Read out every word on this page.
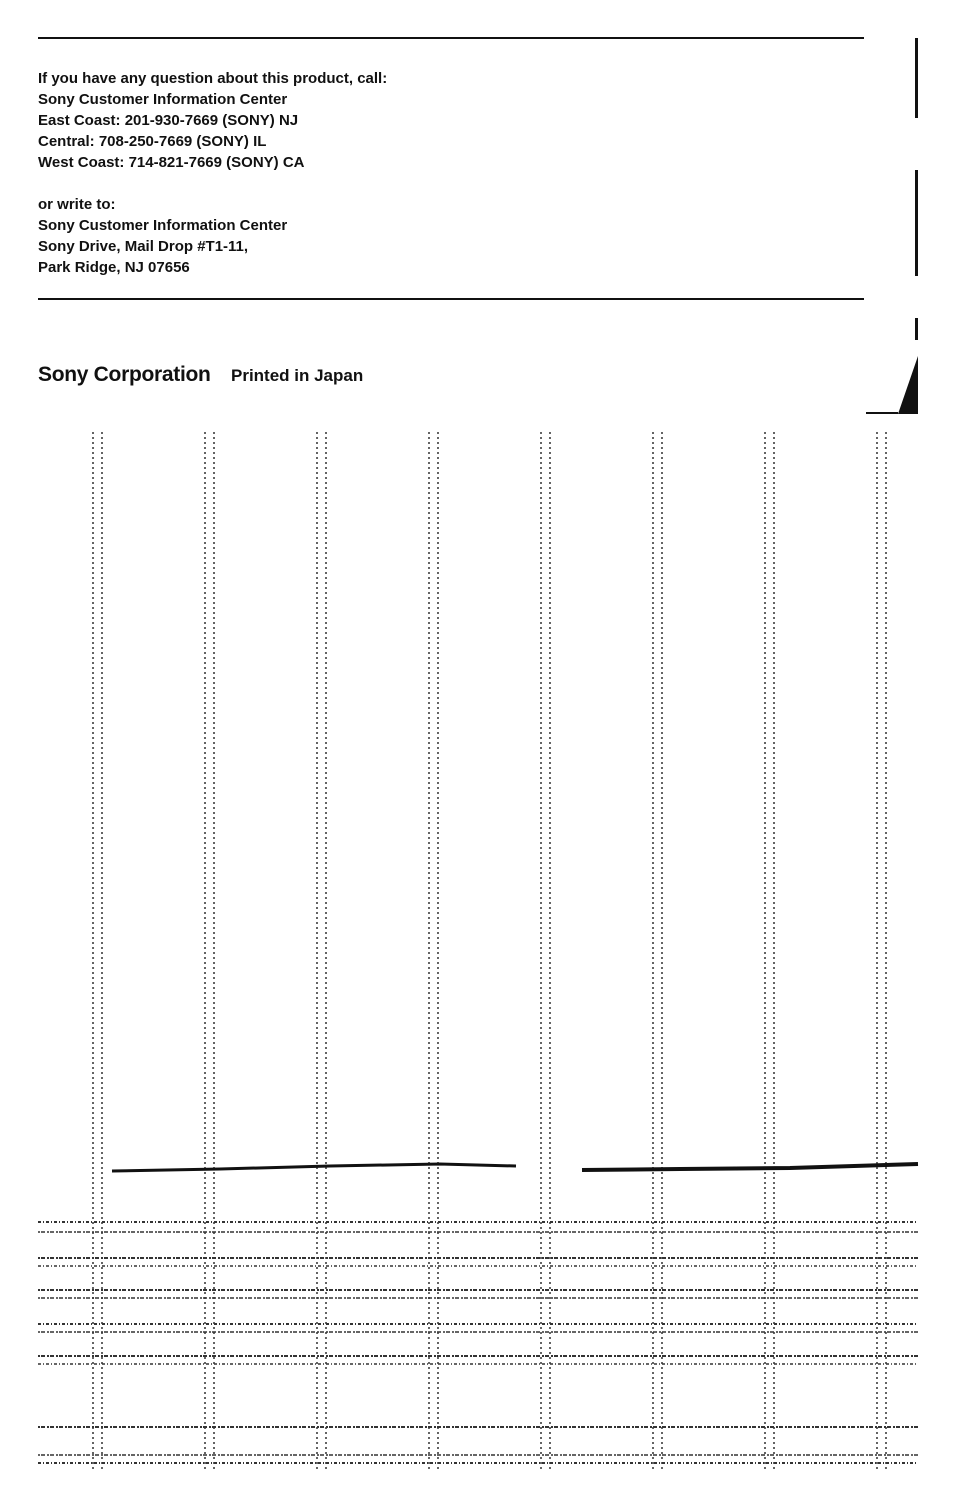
If you have any question about this product, call:
Sony Customer Information Center
East Coast: 201-930-7669 (SONY) NJ
Central: 708-250-7669 (SONY) IL
West Coast: 714-821-7669 (SONY) CA
or write to:
Sony Customer Information Center
Sony Drive, Mail Drop #T1-11,
Park Ridge, NJ 07656
Sony Corporation Printed in Japan
